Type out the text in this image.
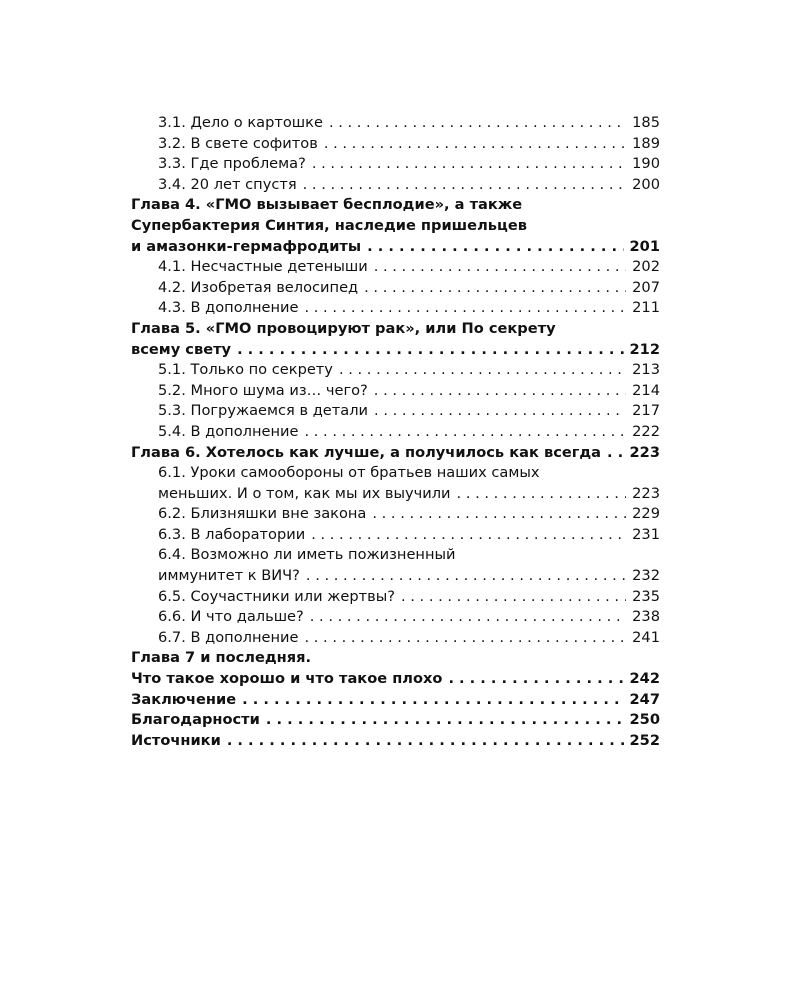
3.1. Дело о картошке . . .	185
3.2. В свете софитов . . .	189
3.3. Где проблема? . . .	190
3.4. 20 лет спустя . . .	200
Глава 4. «ГМО вызывает бесплодие», а также
Супербактерия Синтия, наследие пришельцев
и амазонки-гермафродиты . . .	201
4.1. Несчастные детеныши . . .	202
4.2. Изобретая велосипед . . .	207
4.3. В дополнение . . .	211
Глава 5. «ГМО провоцируют рак», или По секрету
всему свету . . .	212
5.1. Только по секрету . . .	213
5.2. Много шума из… чего? . . .	214
5.3. Погружаемся в детали . . .	217
5.4. В дополнение . . .	222
Глава 6. Хотелось как лучше, а получилось как всегда . . . 223
6.1. Уроки самообороны от братьев наших самых
меньших. И о том, как мы их выучили . . .	223
6.2. Близняшки вне закона . . .	229
6.3. В лаборатории . . .	231
6.4. Возможно ли иметь пожизненный
иммунитет к ВИЧ? . . .	232
6.5. Соучастники или жертвы? . . .	235
6.6. И что дальше? . . .	238
6.7. В дополнение . . .	241
Глава 7 и последняя.
Что такое хорошо и что такое плохо . . .	242
Заключение . . .	247
Благодарности . . .	250
Источники . . .	252
